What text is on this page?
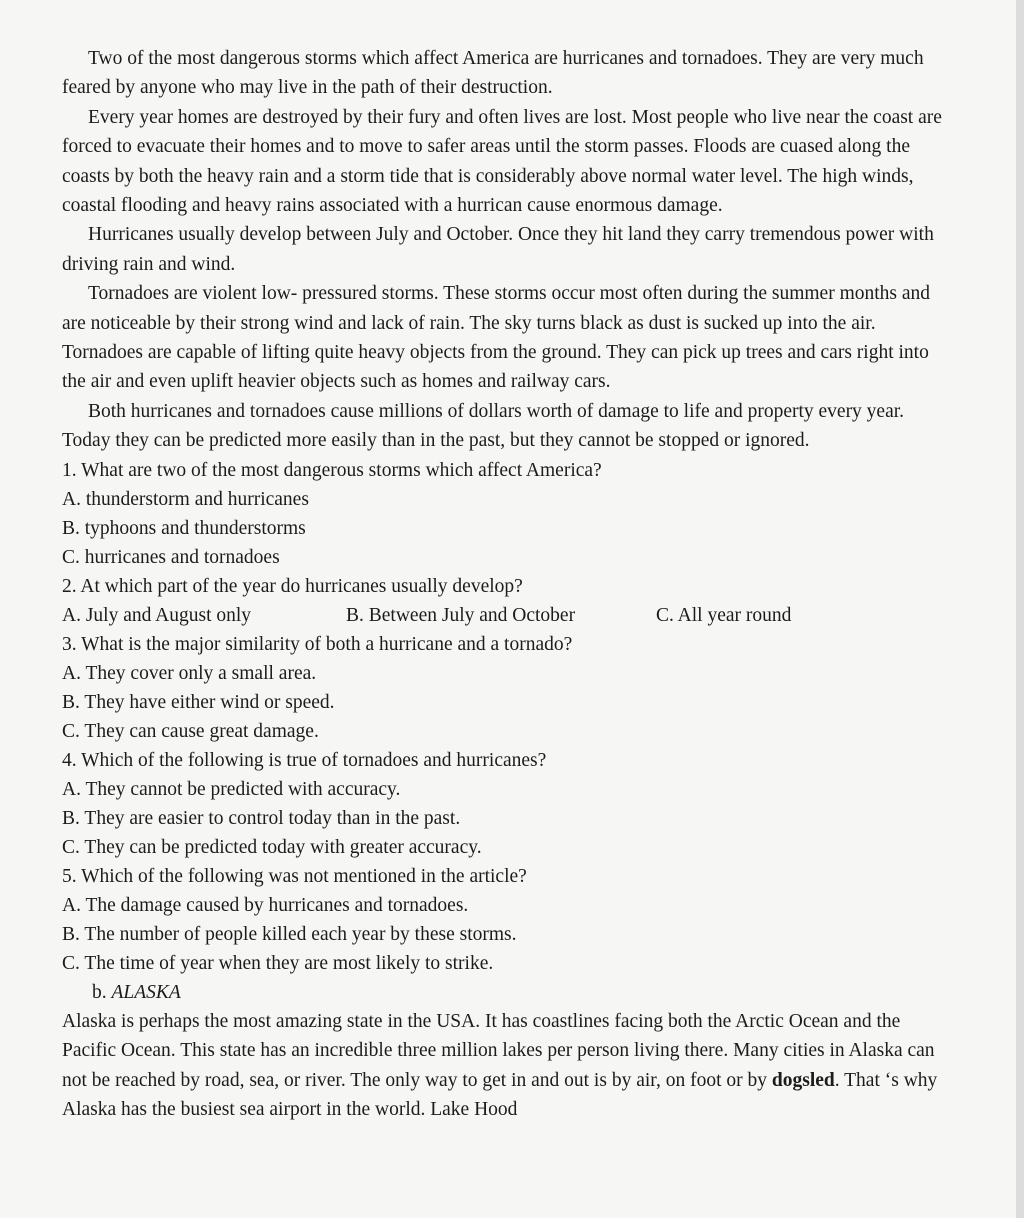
Two of the most dangerous storms which affect America are hurricanes and tornadoes. They are very much feared by anyone who may live in the path of their destruction.

Every year homes are destroyed by their fury and often lives are lost. Most people who live near the coast are forced to evacuate their homes and to move to safer areas until the storm passes. Floods are cuased along the coasts by both the heavy rain and a storm tide that is considerably above normal water level. The high winds, coastal flooding and heavy rains associated with a hurrican cause enormous damage.

Hurricanes usually develop between July and October. Once they hit land they carry tremendous power with driving rain and wind.

Tornadoes are violent low- pressured storms. These storms occur most often during the summer months and are noticeable by their strong wind and lack of rain. The sky turns black as dust is sucked up into the air. Tornadoes are capable of lifting quite heavy objects from the ground. They can pick up trees and cars right into the air and even uplift heavier objects such as homes and railway cars.

Both hurricanes and tornadoes cause millions of dollars worth of damage to life and property every year. Today they can be predicted more easily than in the past, but they cannot be stopped or ignored.

1. What are two of the most dangerous storms which affect America?

A. thunderstorm and hurricanes

B. typhoons and thunderstorms

C. hurricanes and tornadoes

2. At which part of the year do hurricanes usually develop?

A. July and August only	B. Between July and October	C. All year round

3. What is the major similarity of both a hurricane and a tornado?

A. They cover only a small area.

B. They have either wind or speed.

C. They can cause great damage.

4. Which of the following is true of tornadoes and hurricanes?

A. They cannot be predicted with accuracy.

B. They are easier to control today than in the past.

C. They can be predicted today with greater accuracy.

5. Which of the following was not mentioned in the article?

A. The damage caused by hurricanes and tornadoes.

B. The number of people killed each year by these storms.

C. The time of year when they are most likely to strike.

b. ALASKA

Alaska is perhaps the most amazing state in the USA. It has coastlines facing both the Arctic Ocean and the Pacific Ocean. This state has an incredible three million lakes per person living there. Many cities in Alaska can not be reached by road, sea, or river. The only way to get in and out is by air, on foot or by dogsled. That ‘s why Alaska has the busiest sea airport in the world. Lake Hood
